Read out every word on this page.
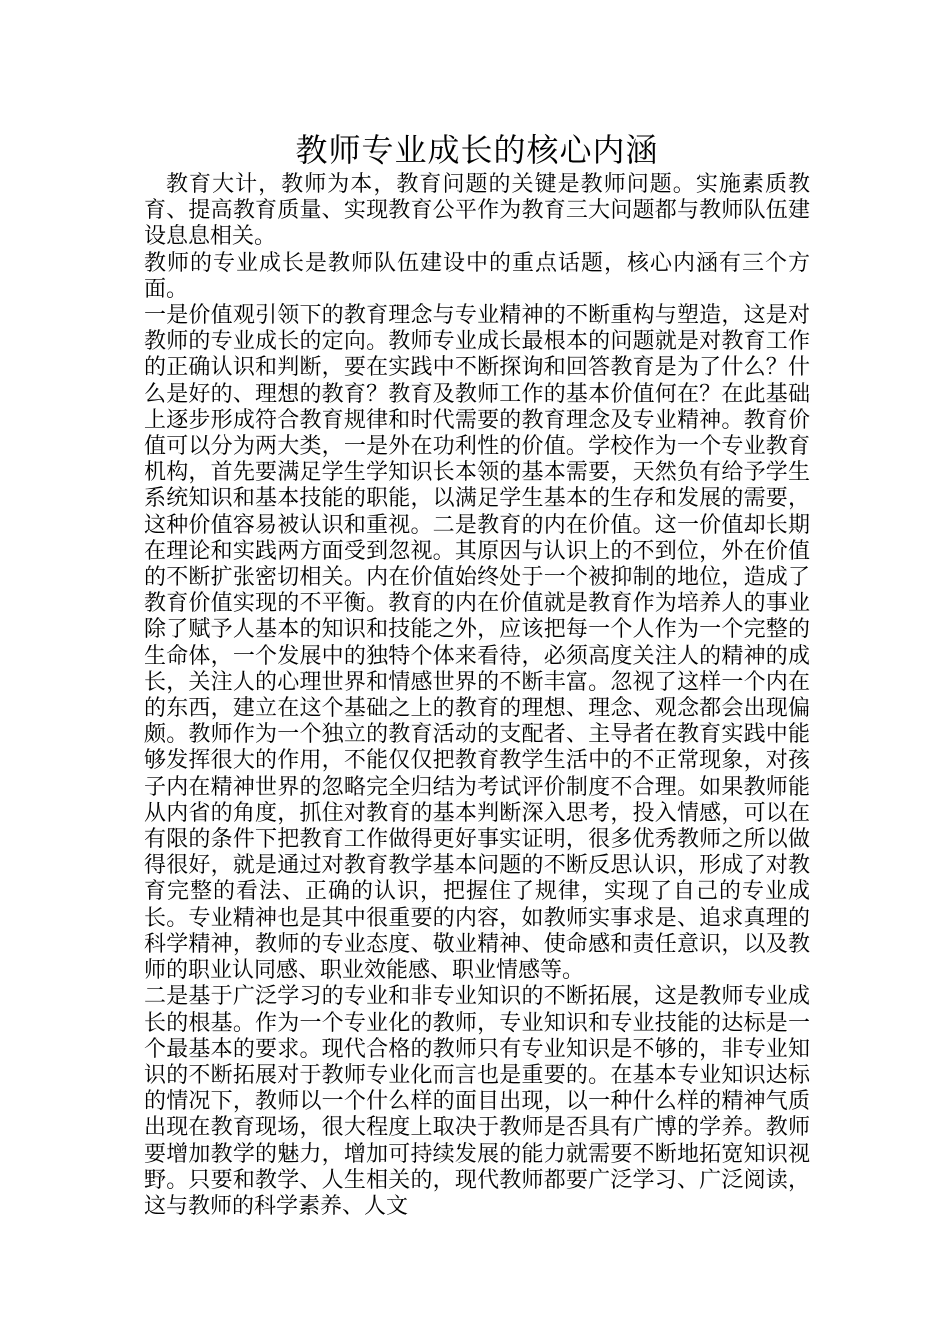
教师专业成长的核心内涵

教育大计，教师为本，教育问题的关键是教师问题。实施素质教育、提高教育质量、实现教育公平作为教育三大问题都与教师队伍建设息息相关。

教师的专业成长是教师队伍建设中的重点话题，核心内涵有三个方面。

一是价值观引领下的教育理念与专业精神的不断重构与塑造，这是对教师的专业成长的定向。教师专业成长最根本的问题就是对教育工作的正确认识和判断，要在实践中不断探询和回答教育是为了什么？什么是好的、理想的教育？教育及教师工作的基本价值何在？在此基础上逐步形成符合教育规律和时代需要的教育理念及专业精神。教育价值可以分为两大类，一是外在功利性的价值。学校作为一个专业教育机构，首先要满足学生学知识长本领的基本需要，天然负有给予学生系统知识和基本技能的职能，以满足学生基本的生存和发展的需要，这种价值容易被认识和重视。二是教育的内在价值。这一价值却长期在理论和实践两方面受到忽视。其原因与认识上的不到位，外在价值的不断扩张密切相关。内在价值始终处于一个被抑制的地位，造成了教育价值实现的不平衡。教育的内在价值就是教育作为培养人的事业除了赋予人基本的知识和技能之外，应该把每一个人作为一个完整的生命体，一个发展中的独特个体来看待，必须高度关注人的精神的成长，关注人的心理世界和情感世界的不断丰富。忽视了这样一个内在的东西，建立在这个基础之上的教育的理想、理念、观念都会出现偏颇。教师作为一个独立的教育活动的支配者、主导者在教育实践中能够发挥很大的作用，不能仅仅把教育教学生活中的不正常现象，对孩子内在精神世界的忽略完全归结为考试评价制度不合理。如果教师能从内省的角度，抓住对教育的基本判断深入思考，投入情感，可以在有限的条件下把教育工作做得更好事实证明，很多优秀教师之所以做得很好，就是通过对教育教学基本问题的不断反思认识，形成了对教育完整的看法、正确的认识，把握住了规律，实现了自己的专业成长。专业精神也是其中很重要的内容，如教师实事求是、追求真理的科学精神，教师的专业态度、敬业精神、使命感和责任意识，以及教师的职业认同感、职业效能感、职业情感等。

二是基于广泛学习的专业和非专业知识的不断拓展，这是教师专业成长的根基。作为一个专业化的教师，专业知识和专业技能的达标是一个最基本的要求。现代合格的教师只有专业知识是不够的，非专业知识的不断拓展对于教师专业化而言也是重要的。在基本专业知识达标的情况下，教师以一个什么样的面目出现，以一种什么样的精神气质出现在教育现场，很大程度上取决于教师是否具有广博的学养。教师要增加教学的魅力，增加可持续发展的能力就需要不断地拓宽知识视野。只要和教学、人生相关的，现代教师都要广泛学习、广泛阅读，这与教师的科学素养、人文
